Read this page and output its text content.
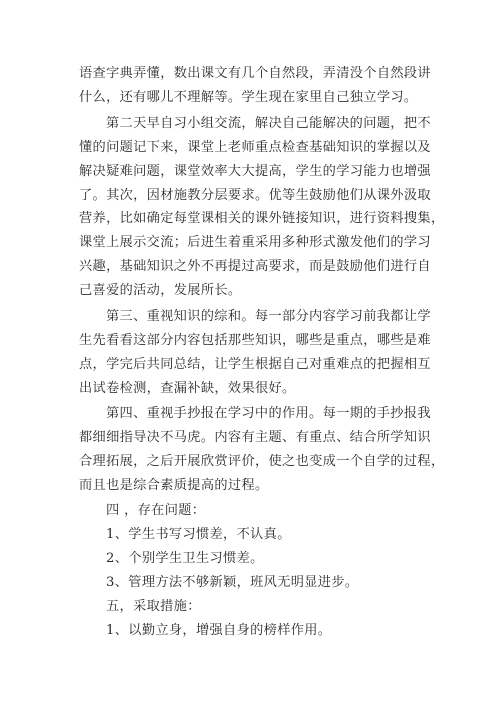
语查字典弄懂，数出课文有几个自然段，弄清没个自然段讲
什么，还有哪儿不理解等。学生现在家里自己独立学习。
第二天早自习小组交流，解决自己能解决的问题，把不
懂的问题记下来，课堂上老师重点检查基础知识的掌握以及
解决疑难问题，课堂效率大大提高，学生的学习能力也增强
了。其次，因材施教分层要求。优等生鼓励他们从课外汲取
营养，比如确定每堂课相关的课外链接知识，进行资料搜集，
课堂上展示交流；后进生着重采用多种形式激发他们的学习
兴趣，基础知识之外不再提过高要求，而是鼓励他们进行自
己喜爱的活动，发展所长。
第三、重视知识的综和。每一部分内容学习前我都让学
生先看看这部分内容包括那些知识，哪些是重点，哪些是难
点，学完后共同总结，让学生根据自己对重难点的把握相互
出试卷检测，查漏补缺，效果很好。
第四、重视手抄报在学习中的作用。每一期的手抄报我
都细细指导决不马虎。内容有主题、有重点、结合所学知识
合理拓展，之后开展欣赏评价，使之也变成一个自学的过程，
而且也是综合素质提高的过程。
四 ，存在问题：
1、学生书写习惯差，不认真。
2、个别学生卫生习惯差。
3、管理方法不够新颖，班风无明显进步。
五，采取措施：
1、以勤立身，增强自身的榜样作用。
